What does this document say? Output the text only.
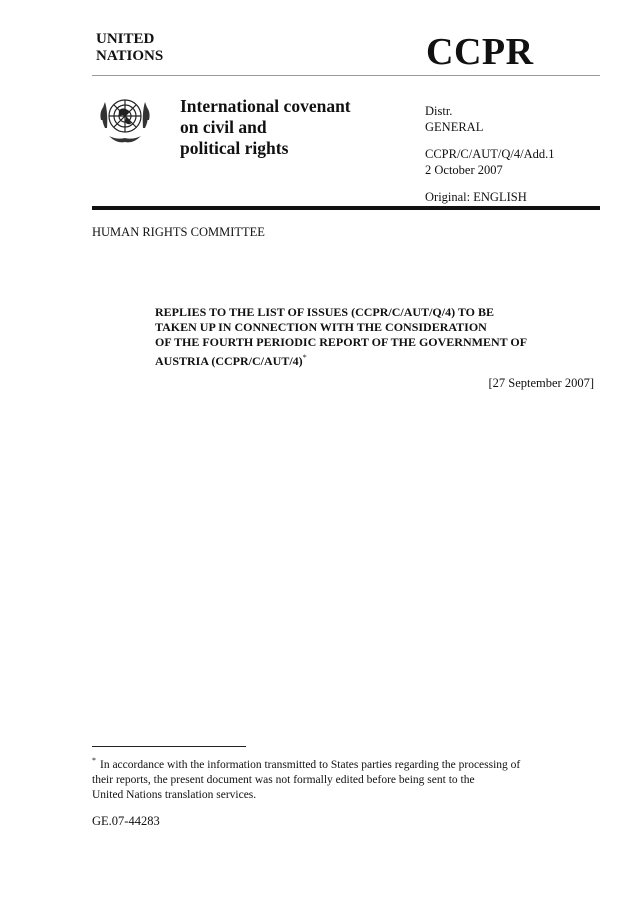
UNITED
NATIONS	CCPR
International covenant
on civil and
political rights
Distr.
GENERAL
CCPR/C/AUT/Q/4/Add.1
2 October 2007
Original: ENGLISH
HUMAN RIGHTS COMMITTEE
REPLIES TO THE LIST OF ISSUES (CCPR/C/AUT/Q/4) TO BE
TAKEN UP IN CONNECTION WITH THE CONSIDERATION
OF THE FOURTH PERIODIC REPORT OF THE GOVERNMENT OF
AUSTRIA (CCPR/C/AUT/4)*
[27 September 2007]
* In accordance with the information transmitted to States parties regarding the processing of
their reports, the present document was not formally edited before being sent to the
United Nations translation services.
GE.07-44283
